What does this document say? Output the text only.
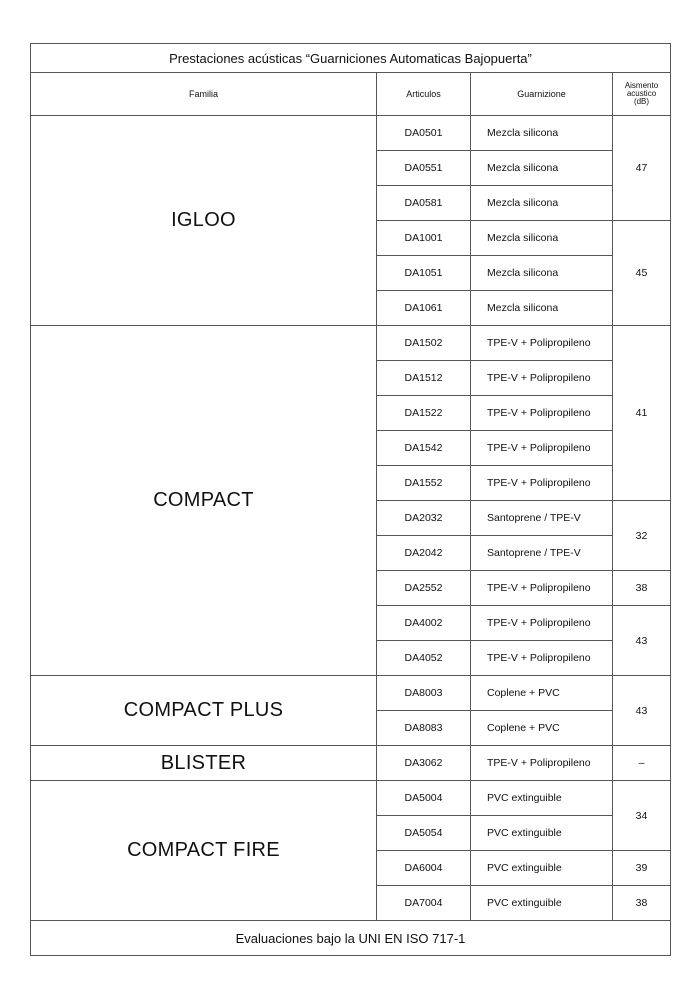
Prestaciones acústicas “Guarniciones Automaticas Bajopuerta”			
Familia	Articulos	Guarnizione	Aismento
acustico
(dB)
IGLOO	DA0501	Mezcla silicona	47
	DA0551	Mezcla silicona	
	DA0581	Mezcla silicona	
	DA1001	Mezcla silicona	45
	DA1051	Mezcla silicona	
	DA1061	Mezcla silicona	
COMPACT	DA1502	TPE-V + Polipropileno	41
	DA1512	TPE-V + Polipropileno	
	DA1522	TPE-V + Polipropileno	
	DA1542	TPE-V + Polipropileno	
	DA1552	TPE-V + Polipropileno	
	DA2032	Santoprene / TPE-V	32
	DA2042	Santoprene / TPE-V	
	DA2552	TPE-V + Polipropileno	38
	DA4002	TPE-V + Polipropileno	43
	DA4052	TPE-V + Polipropileno	
COMPACT PLUS	DA8003	Coplene + PVC	43
	DA8083	Coplene + PVC	
BLISTER	DA3062	TPE-V + Polipropileno	–
COMPACT FIRE	DA5004	PVC extinguible	34
	DA5054	PVC extinguible	
	DA6004	PVC extinguible	39
	DA7004	PVC extinguible	38
Evaluaciones bajo la UNI EN ISO 717-1			
